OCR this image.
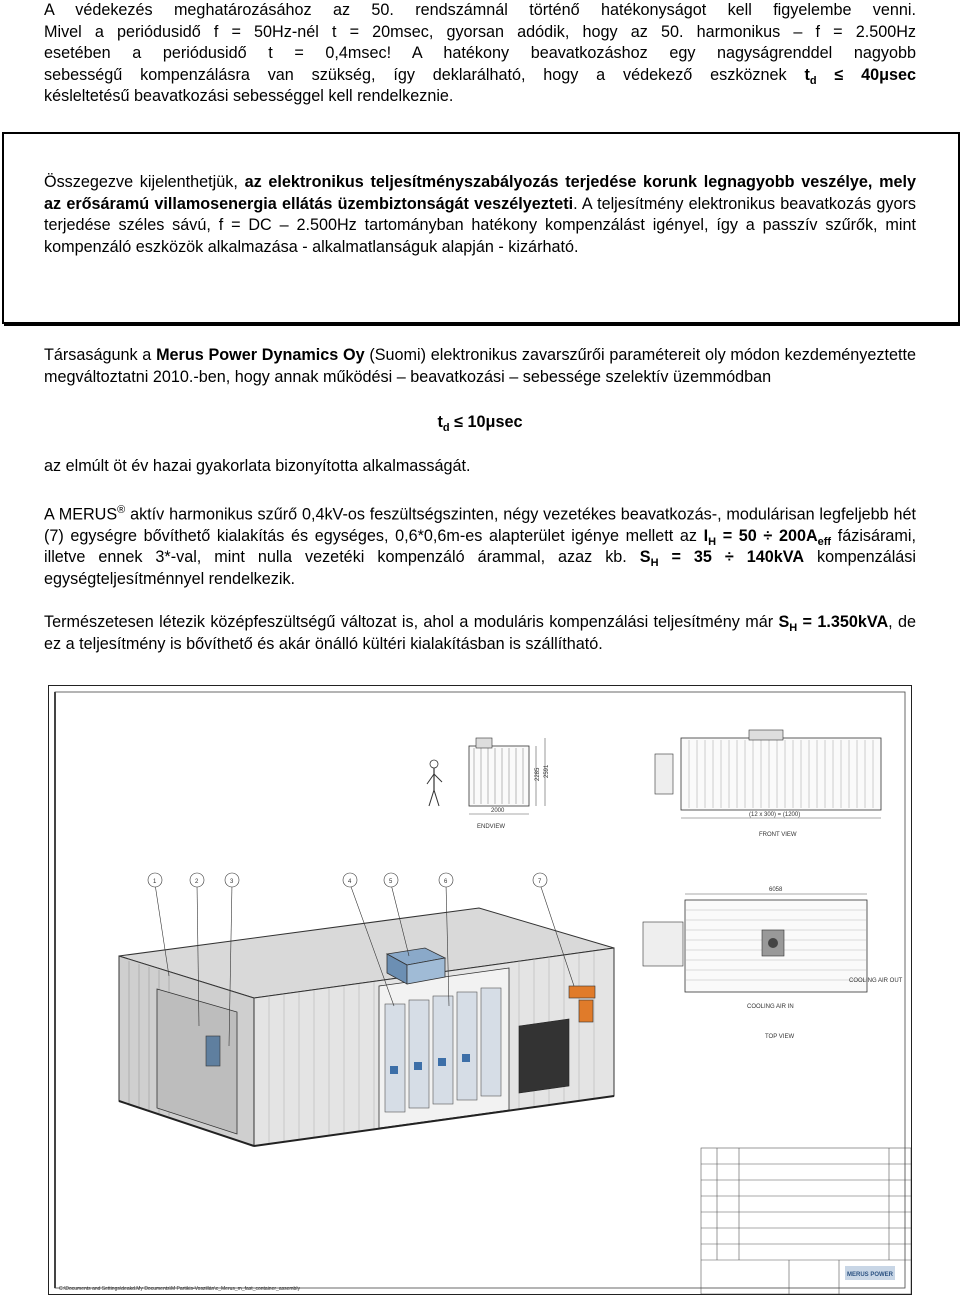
A védekezés meghatározásához az 50. rendszámnál történő hatékonyságot kell figyelembe venni.
Mivel a periódusidő f = 50Hz-nél t = 20msec, gyorsan adódik, hogy az 50. harmonikus – f = 2.500Hz
esetében a periódusidő t = 0,4msec! A hatékony beavatkozáshoz egy nagyságrenddel nagyobb
sebességű kompenzálásra van szükség, így deklarálható, hogy a védekező eszköznek $t_d \le 40\mu\sec$
késleltetésű beavatkozási sebességgel kell rendelkeznie.
Összegezve kijelenthetjük, az elektronikus teljesítményszabályozás terjedése korunk legnagyobb veszélye, mely az erősáramú villamosenergia ellátás üzembiztonságát veszélyezteti. A teljesítmény elektronikus beavatkozás gyors terjedése széles sávú, f = DC – 2.500Hz tartományban hatékony kompenzálást igényel, így a passzív szűrők, mint kompenzáló eszközök alkalmazása - alkalmatlanságuk alapján - kizárható.
Társaságunk a Merus Power Dynamics Oy (Suomi) elektronikus zavarszűrői paramétereit oly módon kezdeményeztette megváltoztatni 2010.-ben, hogy annak működési – beavatkozási – sebessége szelektív üzemmódban
$t_d \le 10\mu\sec$
az elmúlt öt év hazai gyakorlata bizonyította alkalmasságát.
A MERUS® aktív harmonikus szűrő 0,4kV-os feszültségszinten, négy vezetékes beavatkozás-, modulárisan legfeljebb hét (7) egységre bővíthető kialakítás és egységes, 0,6*0,6m-es alapterület igénye mellett az $I_H = 50 \div 200A_{eff}$ fázisárami, illetve ennek 3*-val, mint nulla vezetéki kompenzáló árammal, azaz kb. $S_H = 35 \div 140kVA$ kompenzálási egységteljesítménnyel rendelkezik.
Természetesen létezik középfeszültségű változat is, ahol a moduláris kompenzálási teljesítmény már $S_H = 1.350kVA$, de ez a teljesítmény is bővíthető és akár önálló kültéri kialakításban is szállítható.
2000
2285 2591
ENDVIEW
(12 x 300) = (1200)
FRONT VIEW
6058
COOLING AIR OUT
COOLING AIR IN
TOP VIEW
1	2	3	4	5	6	7
MERUS POWER
C:\Documents and Settings\deakd.My Documents\M Partikis-Voszillán\c_Merus_m_fast_container_assembly
